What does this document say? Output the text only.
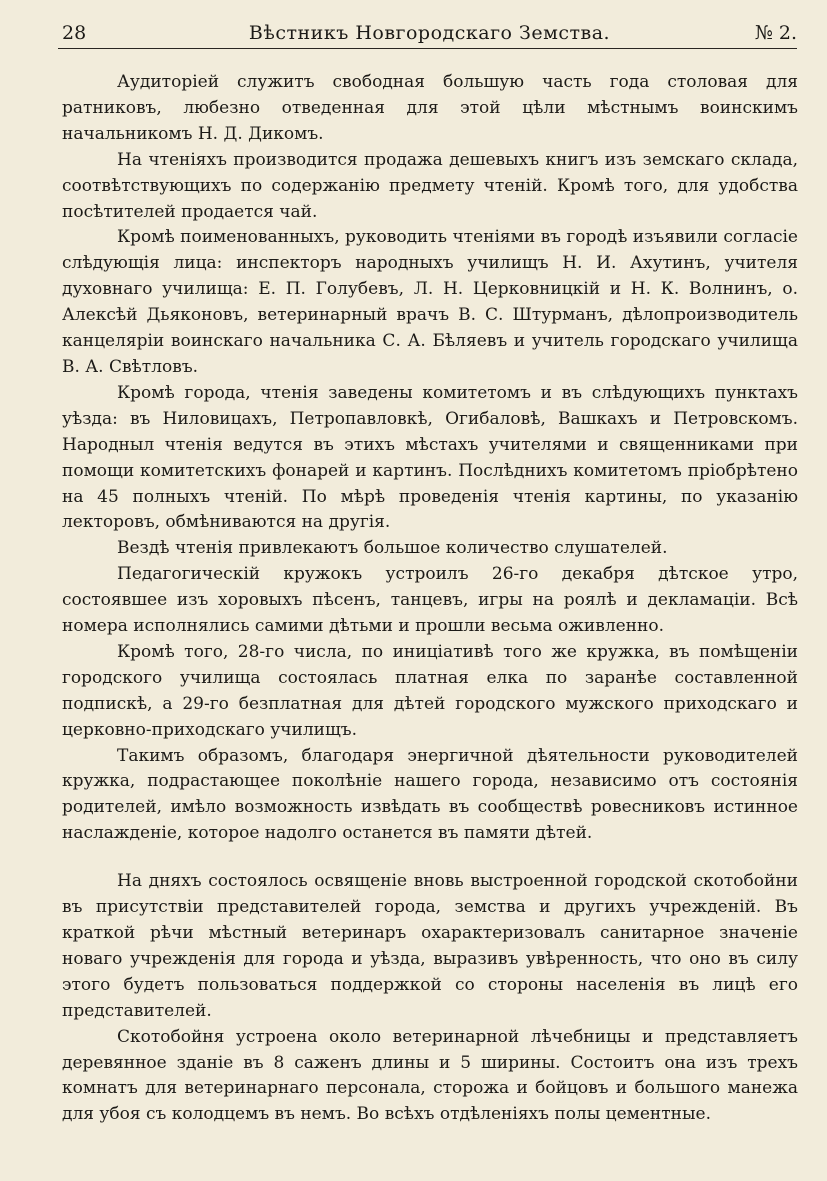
28	Вѣстникъ Новгородскаго Земства.	№ 2.

Аудиторіей служитъ свободная большую часть года столовая для ратниковъ, любезно отведенная для этой цѣли мѣстнымъ воинскимъ начальникомъ Н. Д. Дикомъ.

На чтеніяхъ производится продажа дешевыхъ книгъ изъ земскаго склада, соотвѣтствующихъ по содержанію предмету чтеній. Кромѣ того, для удобства посѣтителей продается чай.

Кромѣ поименованныхъ, руководить чтеніями въ городѣ изъявили согласіе слѣдующія лица: инспекторъ народныхъ училищъ Н. И. Ахутинъ, учителя духовнаго училища: Е. П. Голубевъ, Л. Н. Церковницкій и Н. К. Волнинъ, о. Алексѣй Дьяконовъ, ветеринарный врачъ В. С. Штурманъ, дѣлопроизводитель канцеляріи воинскаго начальника С. А. Бѣляевъ и учитель городскаго училища В. А. Свѣтловъ.

Кромѣ города, чтенія заведены комитетомъ и въ слѣдующихъ пунктахъ уѣзда: въ Ниловицахъ, Петропавловкѣ, Огибаловѣ, Вашкахъ и Петровскомъ. Народныл чтенія ведутся въ этихъ мѣстахъ учителями и священниками при помощи комитетскихъ фонарей и картинъ. Послѣднихъ комитетомъ пріобрѣтено на 45 полныхъ чтеній. По мѣрѣ проведенія чтенія картины, по указанію лекторовъ, обмѣниваются на другія.

Вездѣ чтенія привлекаютъ большое количество слушателей.

Педагогическій кружокъ устроилъ 26-го декабря дѣтское утро, состоявшее изъ хоровыхъ пѣсенъ, танцевъ, игры на роялѣ и декламаціи. Всѣ номера исполнялись самими дѣтьми и прошли весьма оживленно.

Кромѣ того, 28-го числа, по иниціативѣ того же кружка, въ помѣщеніи городского училища состоялась платная елка по заранѣе составленной подпискѣ, а 29-го безплатная для дѣтей городского мужского приходскаго и церковно-приходскаго училищъ.

Такимъ образомъ, благодаря энергичной дѣятельности руководителей кружка, подрастающее поколѣніе нашего города, независимо отъ состоянія родителей, имѣло возможность извѣдать въ сообществѣ ровесниковъ истинное наслажденіе, которое надолго останется въ памяти дѣтей.

На дняхъ состоялось освященіе вновь выстроенной городской скотобойни въ присутствіи представителей города, земства и другихъ учрежденій. Въ краткой рѣчи мѣстный ветеринаръ охарактеризовалъ санитарное значеніе новаго учрежденія для города и уѣзда, выразивъ увѣренность, что оно въ силу этого будетъ пользоваться поддержкой со стороны населенія въ лицѣ его представителей.

Скотобойня устроена около ветеринарной лѣчебницы и представляетъ деревянное зданіе въ 8 саженъ длины и 5 ширины. Состоитъ она изъ трехъ комнатъ для ветеринарнаго персонала, сторожа и бойцовъ и большого манежа для убоя съ колодцемъ въ немъ. Во всѣхъ отдѣленіяхъ полы цементные.
